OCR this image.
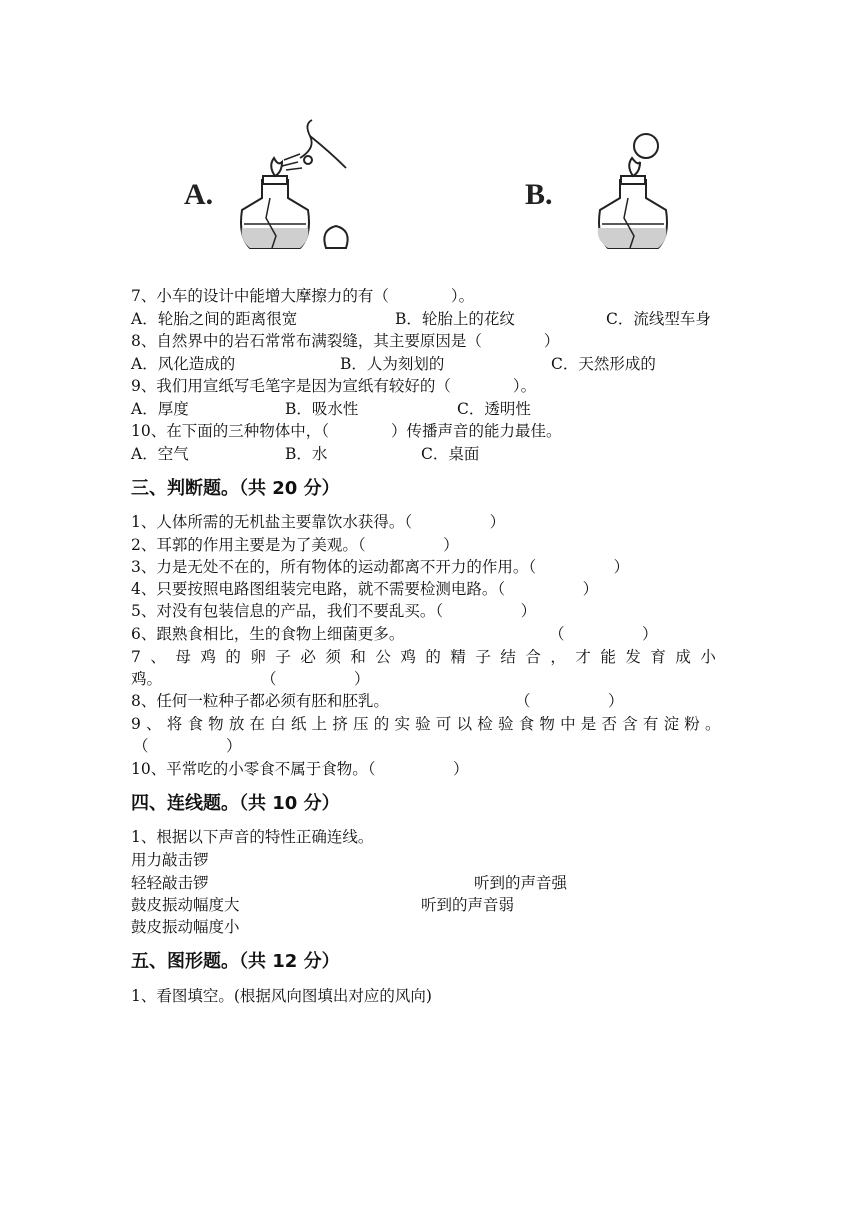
A.	B.
7、小车的设计中能增大摩擦力的有（　　　　）。
A．轮胎之间的距离很宽	B．轮胎上的花纹	C．流线型车身
8、自然界中的岩石常常布满裂缝，其主要原因是（　　　　）
A．风化造成的	B．人为刻划的	C．天然形成的
9、我们用宣纸写毛笔字是因为宣纸有较好的（　　　　）。
A．厚度	B．吸水性	C．透明性
10、在下面的三种物体中，（　　　　）传播声音的能力最佳。
A．空气	B．水	C．桌面
三、判断题。（共 20 分）
1、人体所需的无机盐主要靠饮水获得。（　　　　　）
2、耳郭的作用主要是为了美观。（　　　　　）
3、力是无处不在的，所有物体的运动都离不开力的作用。（　　　　　）
4、只要按照电路图组装完电路，就不需要检测电路。（　　　　　）
5、对没有包装信息的产品，我们不要乱买。（　　　　　）
6、跟熟食相比，生的食物上细菌更多。	（　　　　　）
7、母鸡的卵子必须和公鸡的精子结合，才能发育成小
鸡。	（　　　　　）
8、任何一粒种子都必须有胚和胚乳。	（　　　　　）
9、将食物放在白纸上挤压的实验可以检验食物中是否含有淀粉。
（　　　　　）
10、平常吃的小零食不属于食物。（　　　　　）
四、连线题。（共 10 分）
1、根据以下声音的特性正确连线。
用力敲击锣
轻轻敲击锣	听到的声音强
鼓皮振动幅度大	听到的声音弱
鼓皮振动幅度小
五、图形题。（共 12 分）
1、看图填空。(根据风向图填出对应的风向)
